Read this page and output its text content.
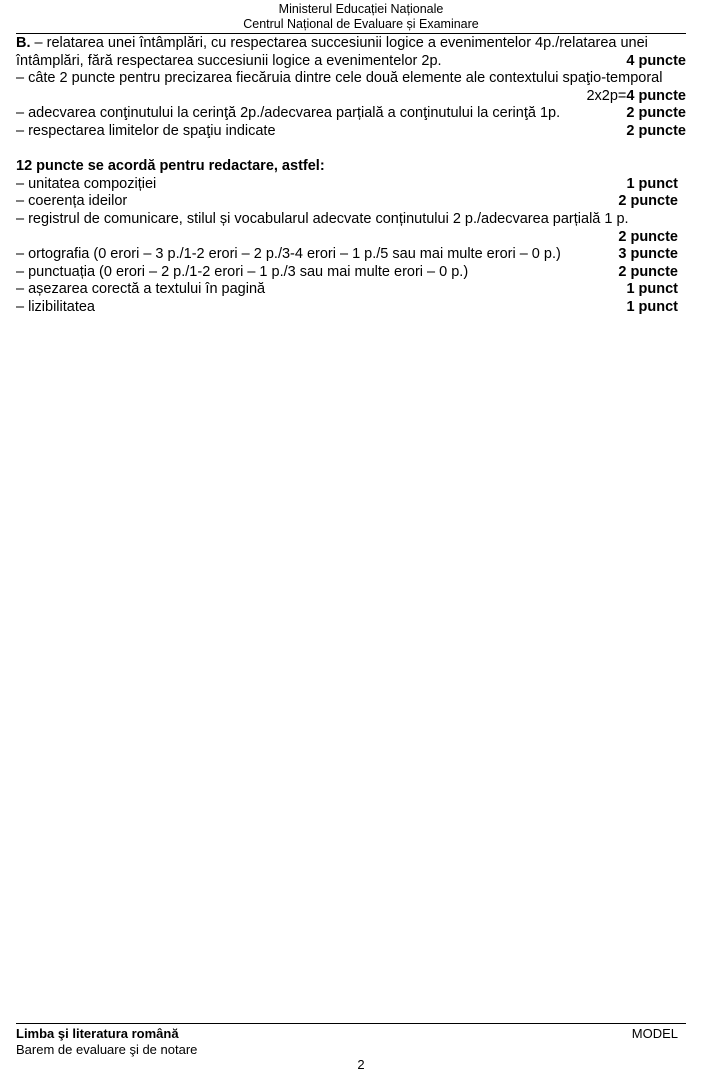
Ministerul Educației Naționale
Centrul Național de Evaluare și Examinare
B. – relatarea unei întâmplări, cu respectarea succesiunii logice a evenimentelor 4p./relatarea unei
întâmplări, fără respectarea succesiunii logice a evenimentelor 2p.	4 puncte
– câte 2 puncte pentru precizarea fiecăruia dintre cele două elemente ale contextului spaţio-temporal
2x2p=4 puncte
– adecvarea conţinutului la cerinţă 2p./adecvarea parțială a conţinutului la cerinţă 1p.	2 puncte
– respectarea limitelor de spaţiu indicate	2 puncte
12 puncte se acordă pentru redactare, astfel:
– unitatea compoziției	1 punct
– coerența ideilor	2 puncte
– registrul de comunicare, stilul și vocabularul adecvate conținutului 2 p./adecvarea parțială 1 p.
2 puncte
– ortografia (0 erori – 3 p./1-2 erori – 2 p./3-4 erori – 1 p./5 sau mai multe erori – 0 p.)	3 puncte
– punctuația (0 erori – 2 p./1-2 erori – 1 p./3 sau mai multe erori – 0 p.)	2 puncte
– așezarea corectă a textului în pagină	1 punct
– lizibilitatea	1 punct
Limba şi literatura română	MODEL
Barem de evaluare şi de notare
2
